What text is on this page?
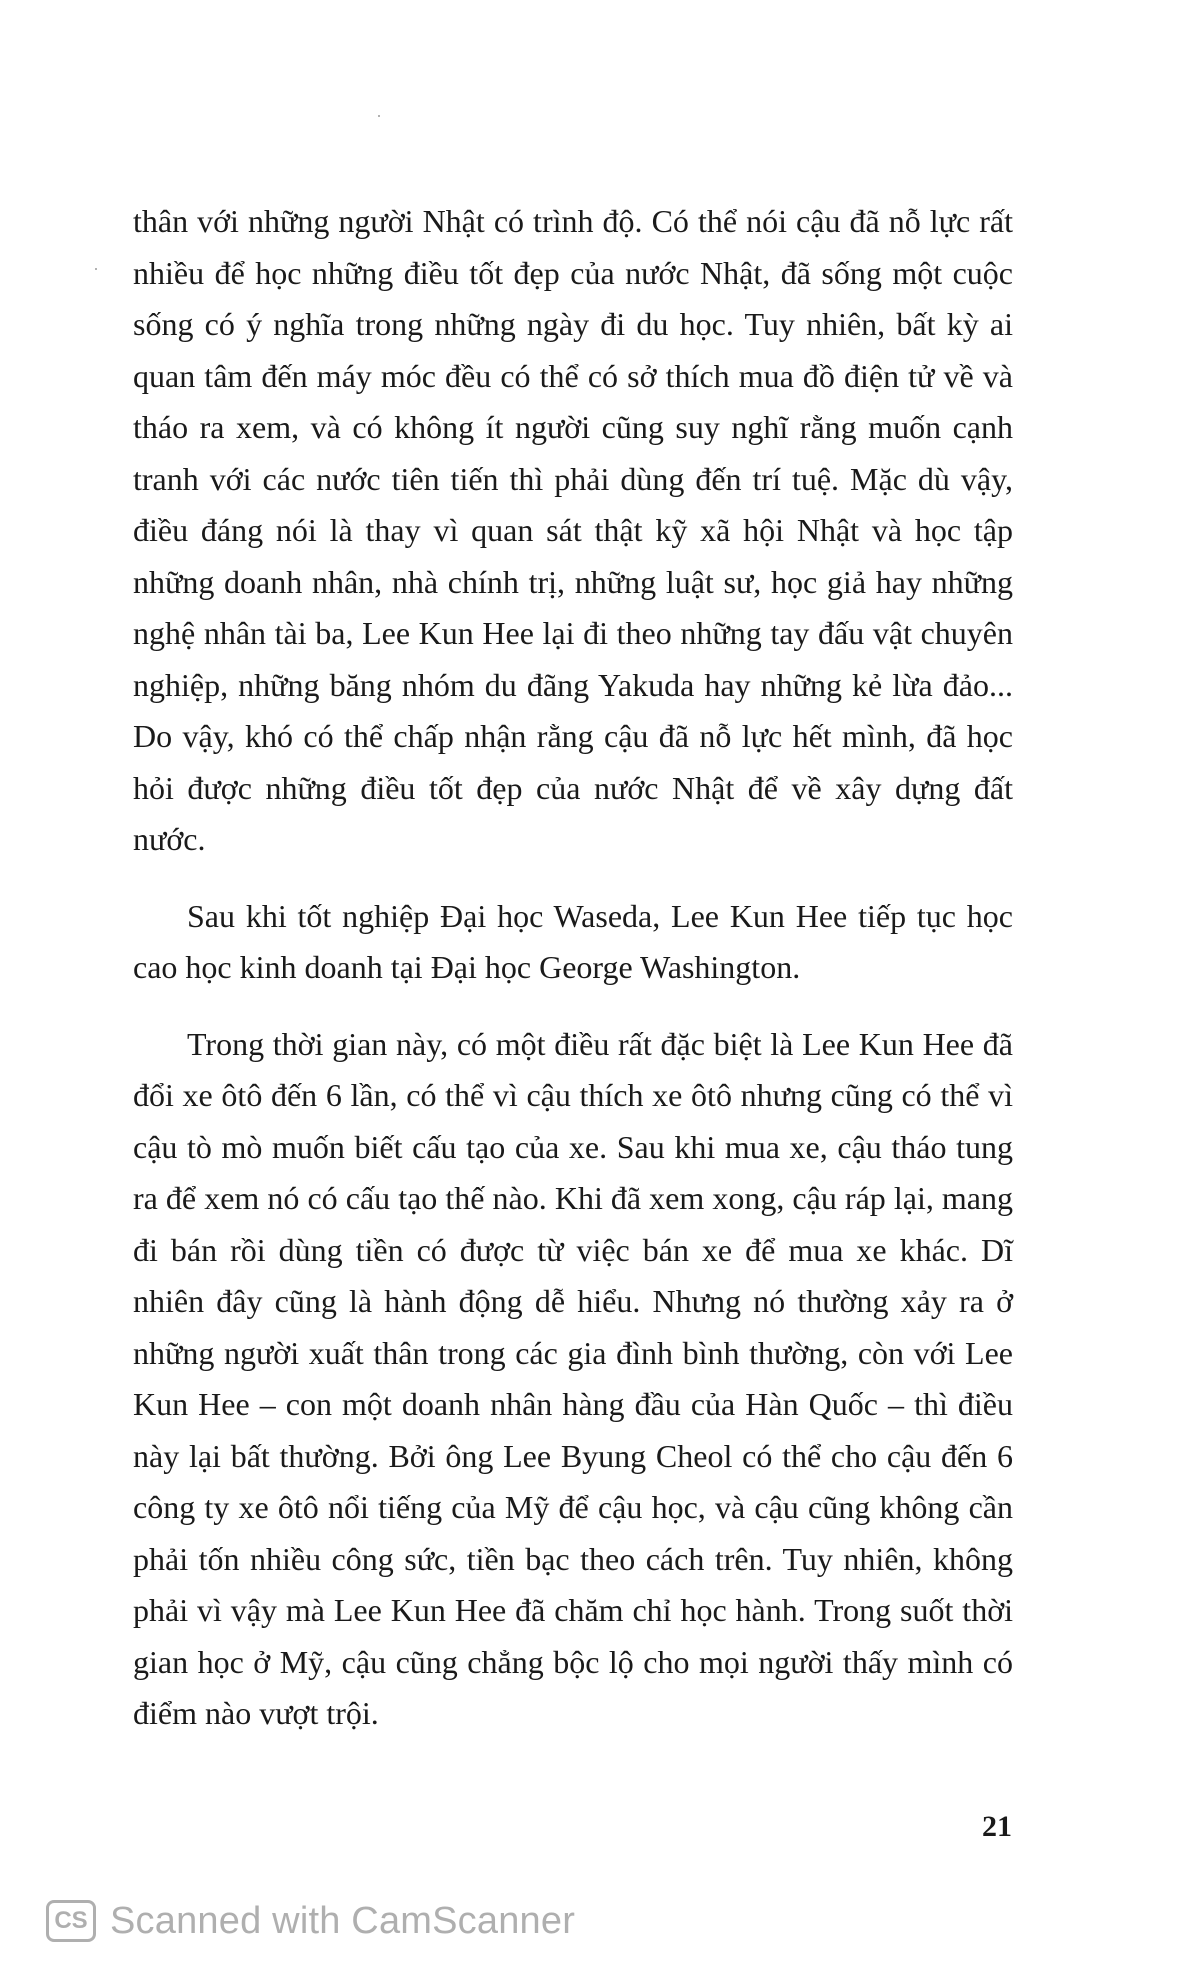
thân với những người Nhật có trình độ. Có thể nói cậu đã nỗ lực rất nhiều để học những điều tốt đẹp của nước Nhật, đã sống một cuộc sống có ý nghĩa trong những ngày đi du học. Tuy nhiên, bất kỳ ai quan tâm đến máy móc đều có thể có sở thích mua đồ điện tử về và tháo ra xem, và có không ít người cũng suy nghĩ rằng muốn cạnh tranh với các nước tiên tiến thì phải dùng đến trí tuệ. Mặc dù vậy, điều đáng nói là thay vì quan sát thật kỹ xã hội Nhật và học tập những doanh nhân, nhà chính trị, những luật sư, học giả hay những nghệ nhân tài ba, Lee Kun Hee lại đi theo những tay đấu vật chuyên nghiệp, những băng nhóm du đãng Yakuda hay những kẻ lừa đảo... Do vậy, khó có thể chấp nhận rằng cậu đã nỗ lực hết mình, đã học hỏi được những điều tốt đẹp của nước Nhật để về xây dựng đất nước.

Sau khi tốt nghiệp Đại học Waseda, Lee Kun Hee tiếp tục học cao học kinh doanh tại Đại học George Washington.

Trong thời gian này, có một điều rất đặc biệt là Lee Kun Hee đã đổi xe ôtô đến 6 lần, có thể vì cậu thích xe ôtô nhưng cũng có thể vì cậu tò mò muốn biết cấu tạo của xe. Sau khi mua xe, cậu tháo tung ra để xem nó có cấu tạo thế nào. Khi đã xem xong, cậu ráp lại, mang đi bán rồi dùng tiền có được từ việc bán xe để mua xe khác. Dĩ nhiên đây cũng là hành động dễ hiểu. Nhưng nó thường xảy ra ở những người xuất thân trong các gia đình bình thường, còn với Lee Kun Hee – con một doanh nhân hàng đầu của Hàn Quốc – thì điều này lại bất thường. Bởi ông Lee Byung Cheol có thể cho cậu đến 6 công ty xe ôtô nổi tiếng của Mỹ để cậu học, và cậu cũng không cần phải tốn nhiều công sức, tiền bạc theo cách trên. Tuy nhiên, không phải vì vậy mà Lee Kun Hee đã chăm chỉ học hành. Trong suốt thời gian học ở Mỹ, cậu cũng chẳng bộc lộ cho mọi người thấy mình có điểm nào vượt trội.

21
CS Scanned with CamScanner
